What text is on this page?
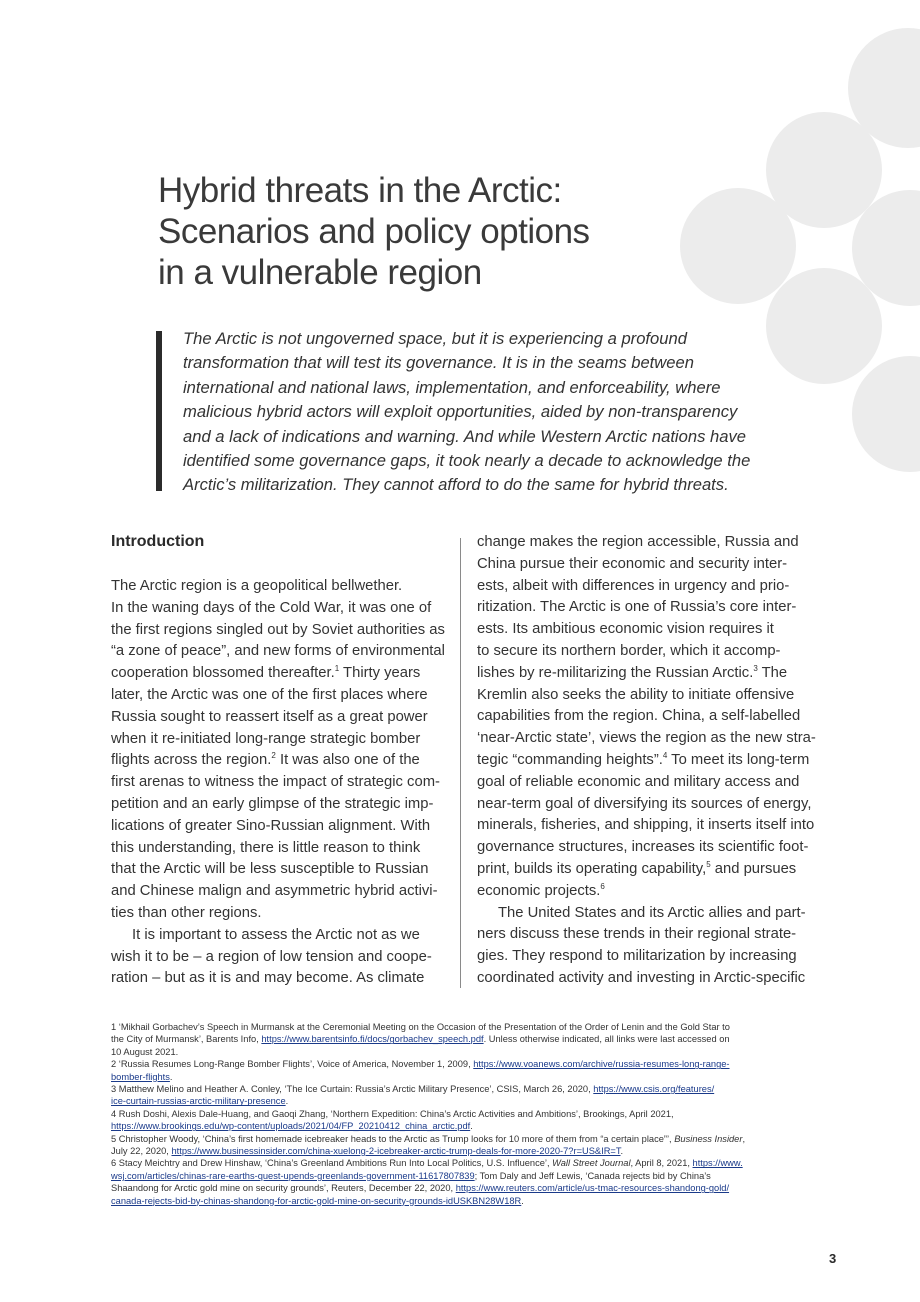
Hybrid threats in the Arctic:
Scenarios and policy options
in a vulnerable region
The Arctic is not ungoverned space, but it is experiencing a profound
transformation that will test its governance. It is in the seams between
international and national laws, implementation, and enforceability, where
malicious hybrid actors will exploit opportunities, aided by non-transparency
and a lack of indications and warning. And while Western Arctic nations have
identified some governance gaps, it took nearly a decade to acknowledge the
Arctic’s militarization. They cannot afford to do the same for hybrid threats.
Introduction
The Arctic region is a geopolitical bellwether.
In the waning days of the Cold War, it was one of
the first regions singled out by Soviet authorities as
“a zone of peace”, and new forms of environmental
cooperation blossomed thereafter.$^1$ Thirty years
later, the Arctic was one of the first places where
Russia sought to reassert itself as a great power
when it re-initiated long-range strategic bomber
flights across the region.$^2$ It was also one of the
first arenas to witness the impact of strategic com-
petition and an early glimpse of the strategic imp-
lications of greater Sino-Russian alignment. With
this understanding, there is little reason to think
that the Arctic will be less susceptible to Russian
and Chinese malign and asymmetric hybrid activi-
ties than other regions.
It is important to assess the Arctic not as we
wish it to be – a region of low tension and coope-
ration – but as it is and may become. As climate
change makes the region accessible, Russia and
China pursue their economic and security inter-
ests, albeit with differences in urgency and prio-
ritization. The Arctic is one of Russia’s core inter-
ests. Its ambitious economic vision requires it
to secure its northern border, which it accomp-
lishes by re-militarizing the Russian Arctic.$^3$ The
Kremlin also seeks the ability to initiate offensive
capabilities from the region. China, a self-labelled
‘near-Arctic state’, views the region as the new stra-
tegic “commanding heights”.$^4$ To meet its long-term
goal of reliable economic and military access and
near-term goal of diversifying its sources of energy,
minerals, fisheries, and shipping, it inserts itself into
governance structures, increases its scientific foot-
print, builds its operating capability,$^5$ and pursues
economic projects.$^6$
The United States and its Arctic allies and part-
ners discuss these trends in their regional strate-
gies. They respond to militarization by increasing
coordinated activity and investing in Arctic-specific
1 ‘Mikhail Gorbachev’s Speech in Murmansk at the Ceremonial Meeting on the Occasion of the Presentation of the Order of Lenin and the Gold Star to
the City of Murmansk’, Barents Info, https://www.barentsinfo.fi/docs/gorbachev_speech.pdf. Unless otherwise indicated, all links were last accessed on
10 August 2021.
2 ‘Russia Resumes Long-Range Bomber Flights’, Voice of America, November 1, 2009, https://www.voanews.com/archive/russia-resumes-long-range-
bomber-flights.
3 Matthew Melino and Heather A. Conley, ‘The Ice Curtain: Russia’s Arctic Military Presence’, CSIS, March 26, 2020, https://www.csis.org/features/
ice-curtain-russias-arctic-military-presence.
4 Rush Doshi, Alexis Dale-Huang, and Gaoqi Zhang, ‘Northern Expedition: China’s Arctic Activities and Ambitions’, Brookings, April 2021,
https://www.brookings.edu/wp-content/uploads/2021/04/FP_20210412_china_arctic.pdf.
5 Christopher Woody, ‘China’s first homemade icebreaker heads to the Arctic as Trump looks for 10 more of them from “a certain place”’, Business Insider,
July 22, 2020, https://www.businessinsider.com/china-xuelong-2-icebreaker-arctic-trump-deals-for-more-2020-7?r=US&IR=T.
6 Stacy Meichtry and Drew Hinshaw, ‘China’s Greenland Ambitions Run Into Local Politics, U.S. Influence’, Wall Street Journal, April 8, 2021, https://www.
wsj.com/articles/chinas-rare-earths-quest-upends-greenlands-government-11617807839; Tom Daly and Jeff Lewis, ‘Canada rejects bid by China’s
Shaandong for Arctic gold mine on security grounds’, Reuters, December 22, 2020, https://www.reuters.com/article/us-tmac-resources-shandong-gold/
canada-rejects-bid-by-chinas-shandong-for-arctic-gold-mine-on-security-grounds-idUSKBN28W18R.
3
